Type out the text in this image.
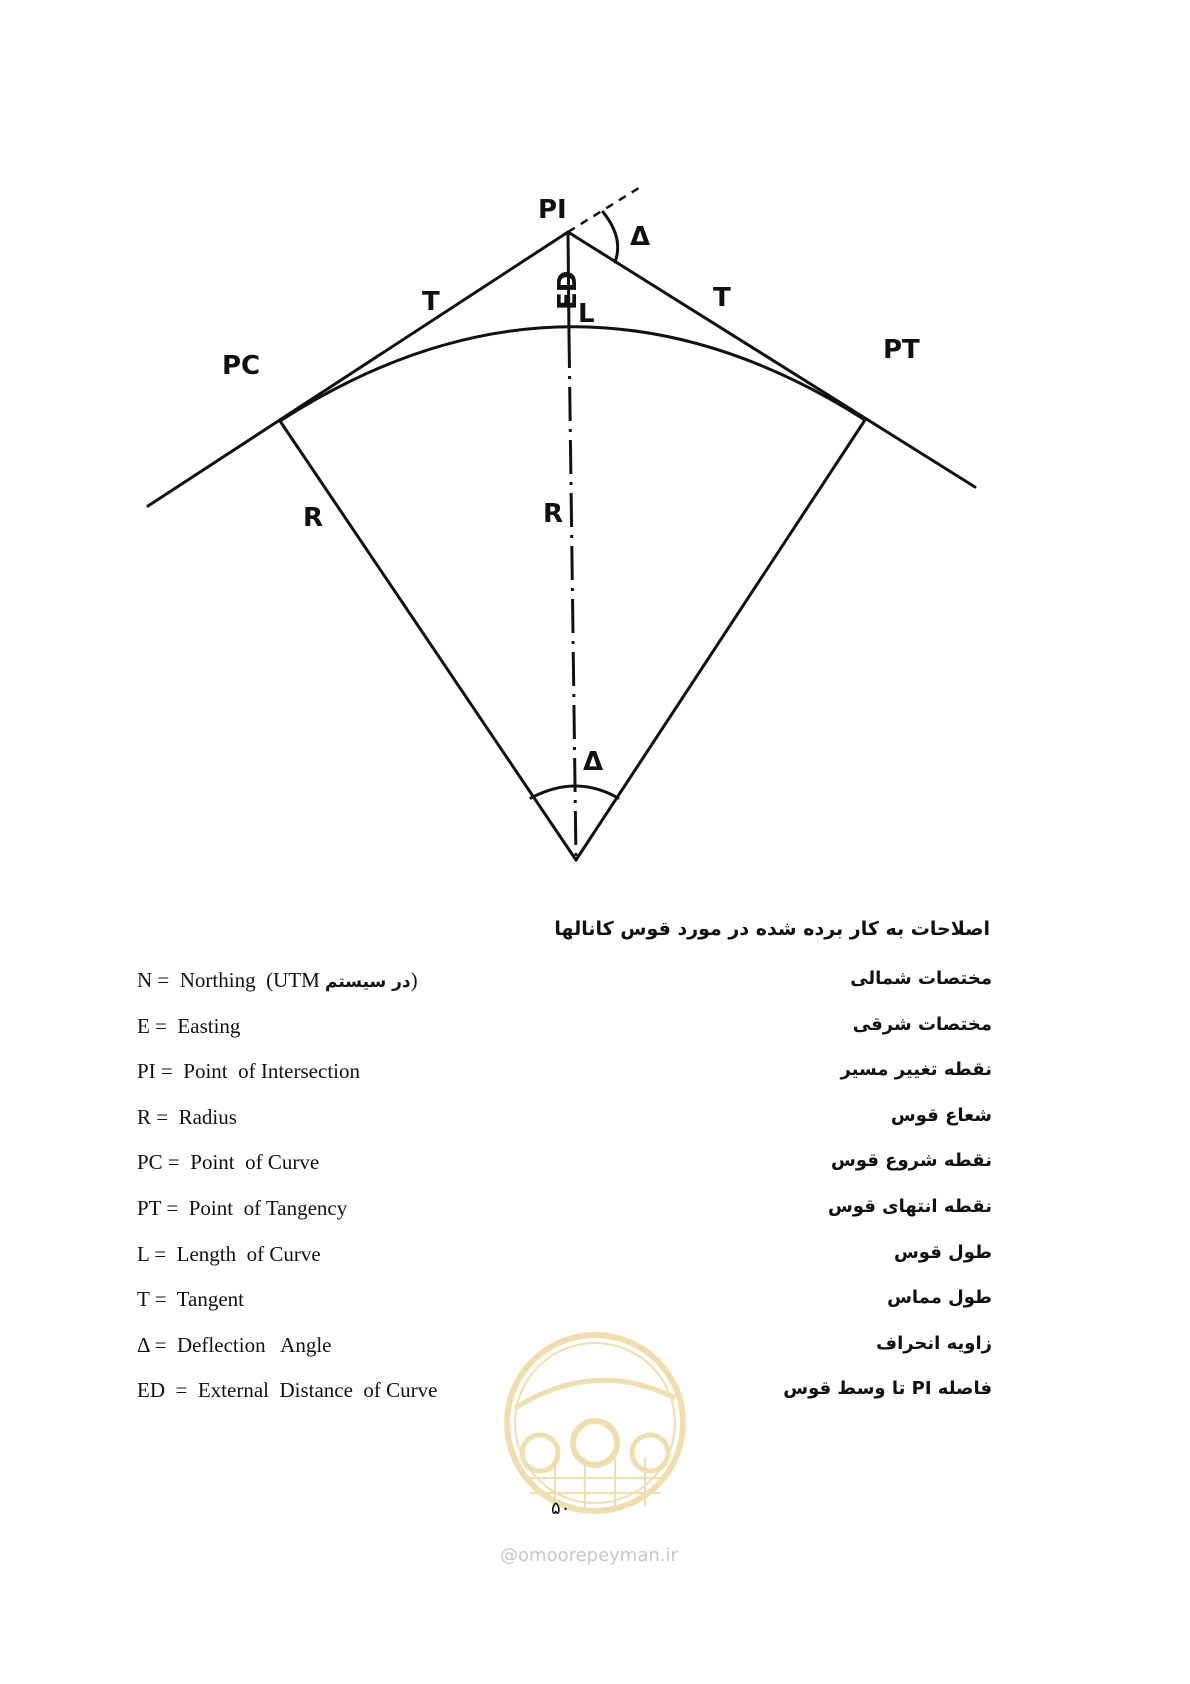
PI
Δ
T	T
ED
L
PC
PT
R	R
Δ
اصلاحات به کار برده شده در مورد قوس کانالها
N =  Northing  (UTM در سیستم)	مختصات شمالی
E =  Easting	مختصات شرقی
PI =  Point  of Intersection	نقطه تغییر مسیر
R =  Radius	شعاع قوس
PC =  Point  of Curve	نقطه شروع قوس
PT =  Point  of Tangency	نقطه انتهای قوس
L =  Length  of Curve	طول قوس
T =  Tangent	طول مماس
Δ =  Deflection   Angle	زاویه انحراف
ED  =  External  Distance  of Curve	فاصله PI تا وسط قوس
۵۰
@omoorepeyman.ir
